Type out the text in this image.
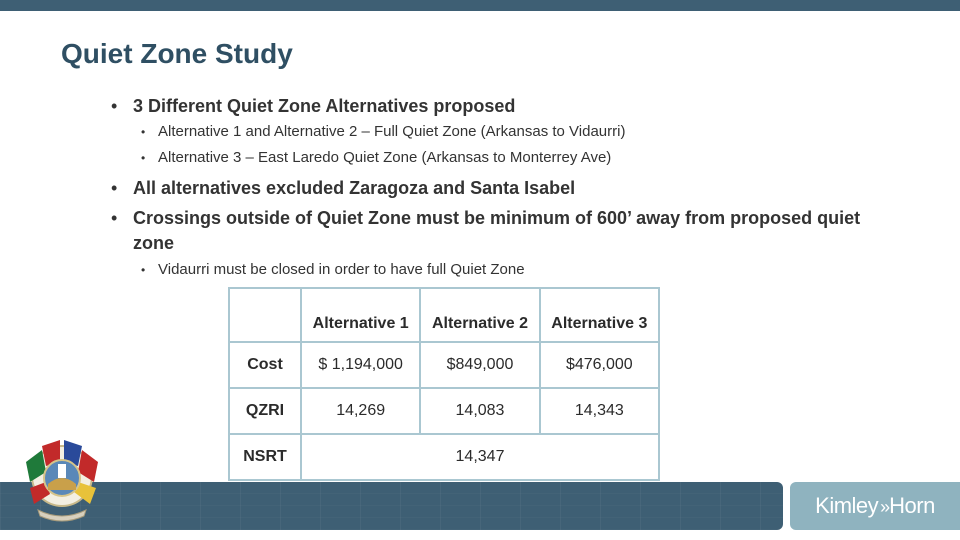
Quiet Zone Study
• 3 Different Quiet Zone Alternatives proposed
• Alternative 1 and Alternative 2 – Full Quiet Zone (Arkansas to Vidaurri)
• Alternative 3 – East Laredo Quiet Zone (Arkansas to Monterrey Ave)
• All alternatives excluded Zaragoza and Santa Isabel
• Crossings outside of Quiet Zone must be minimum of 600’ away from proposed quiet zone
• Vidaurri must be closed in order to have full Quiet Zone
	Alternative 1	Alternative 2	Alternative 3
Cost	$ 1,194,000	$849,000	$476,000
QZRI	14,269	14,083	14,343
NSRT	14,347		
Kimley »Horn
